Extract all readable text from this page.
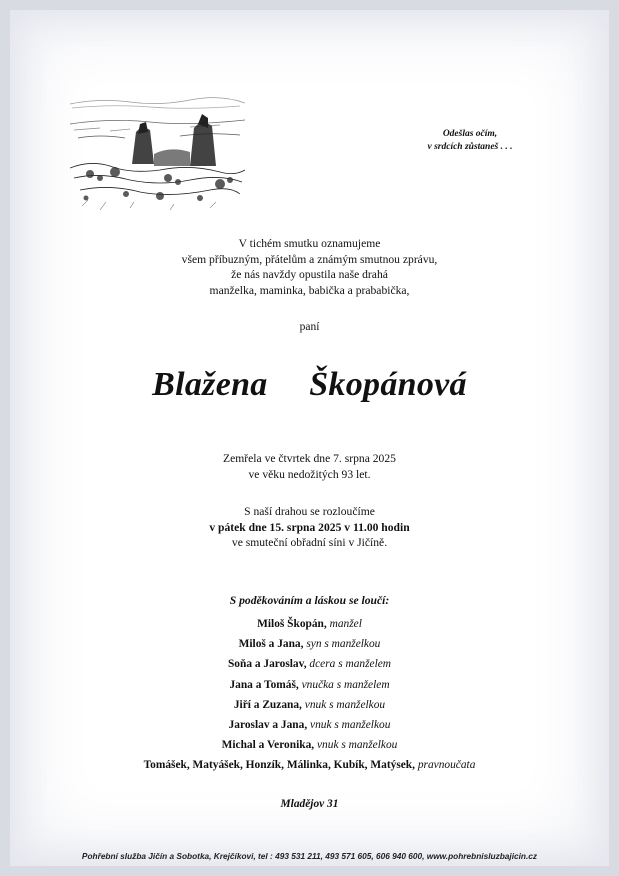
Odešlas očím,
v srdcích zůstaneš . . .
V tichém smutku oznamujeme
všem příbuzným, přátelům a známým smutnou zprávu,
že nás navždy opustila naše drahá
manželka, maminka, babička a prababička,
paní
Blažena  Škopánová
Zemřela ve čtvrtek dne 7. srpna 2025
ve věku nedožitých 93 let.
S naší drahou se rozloučíme
v pátek dne 15. srpna 2025 v 11.00 hodin
ve smuteční obřadní síni v Jičíně.
S poděkováním a láskou se loučí:
Miloš Škopán, manžel
Miloš a Jana, syn s manželkou
Soňa a Jaroslav, dcera s manželem
Jana a Tomáš, vnučka s manželem
Jiří a Zuzana, vnuk s manželkou
Jaroslav a Jana, vnuk s manželkou
Michal a Veronika, vnuk s manželkou
Tomášek, Matyášek, Honzík, Málinka, Kubík, Matýsek, pravnoučata
Mladějov 31
Pohřební služba Jičín a Sobotka, Krejčíkovi, tel : 493 531 211, 493 571 605, 606 940 600, www.pohrebnisluzbajicin.cz
